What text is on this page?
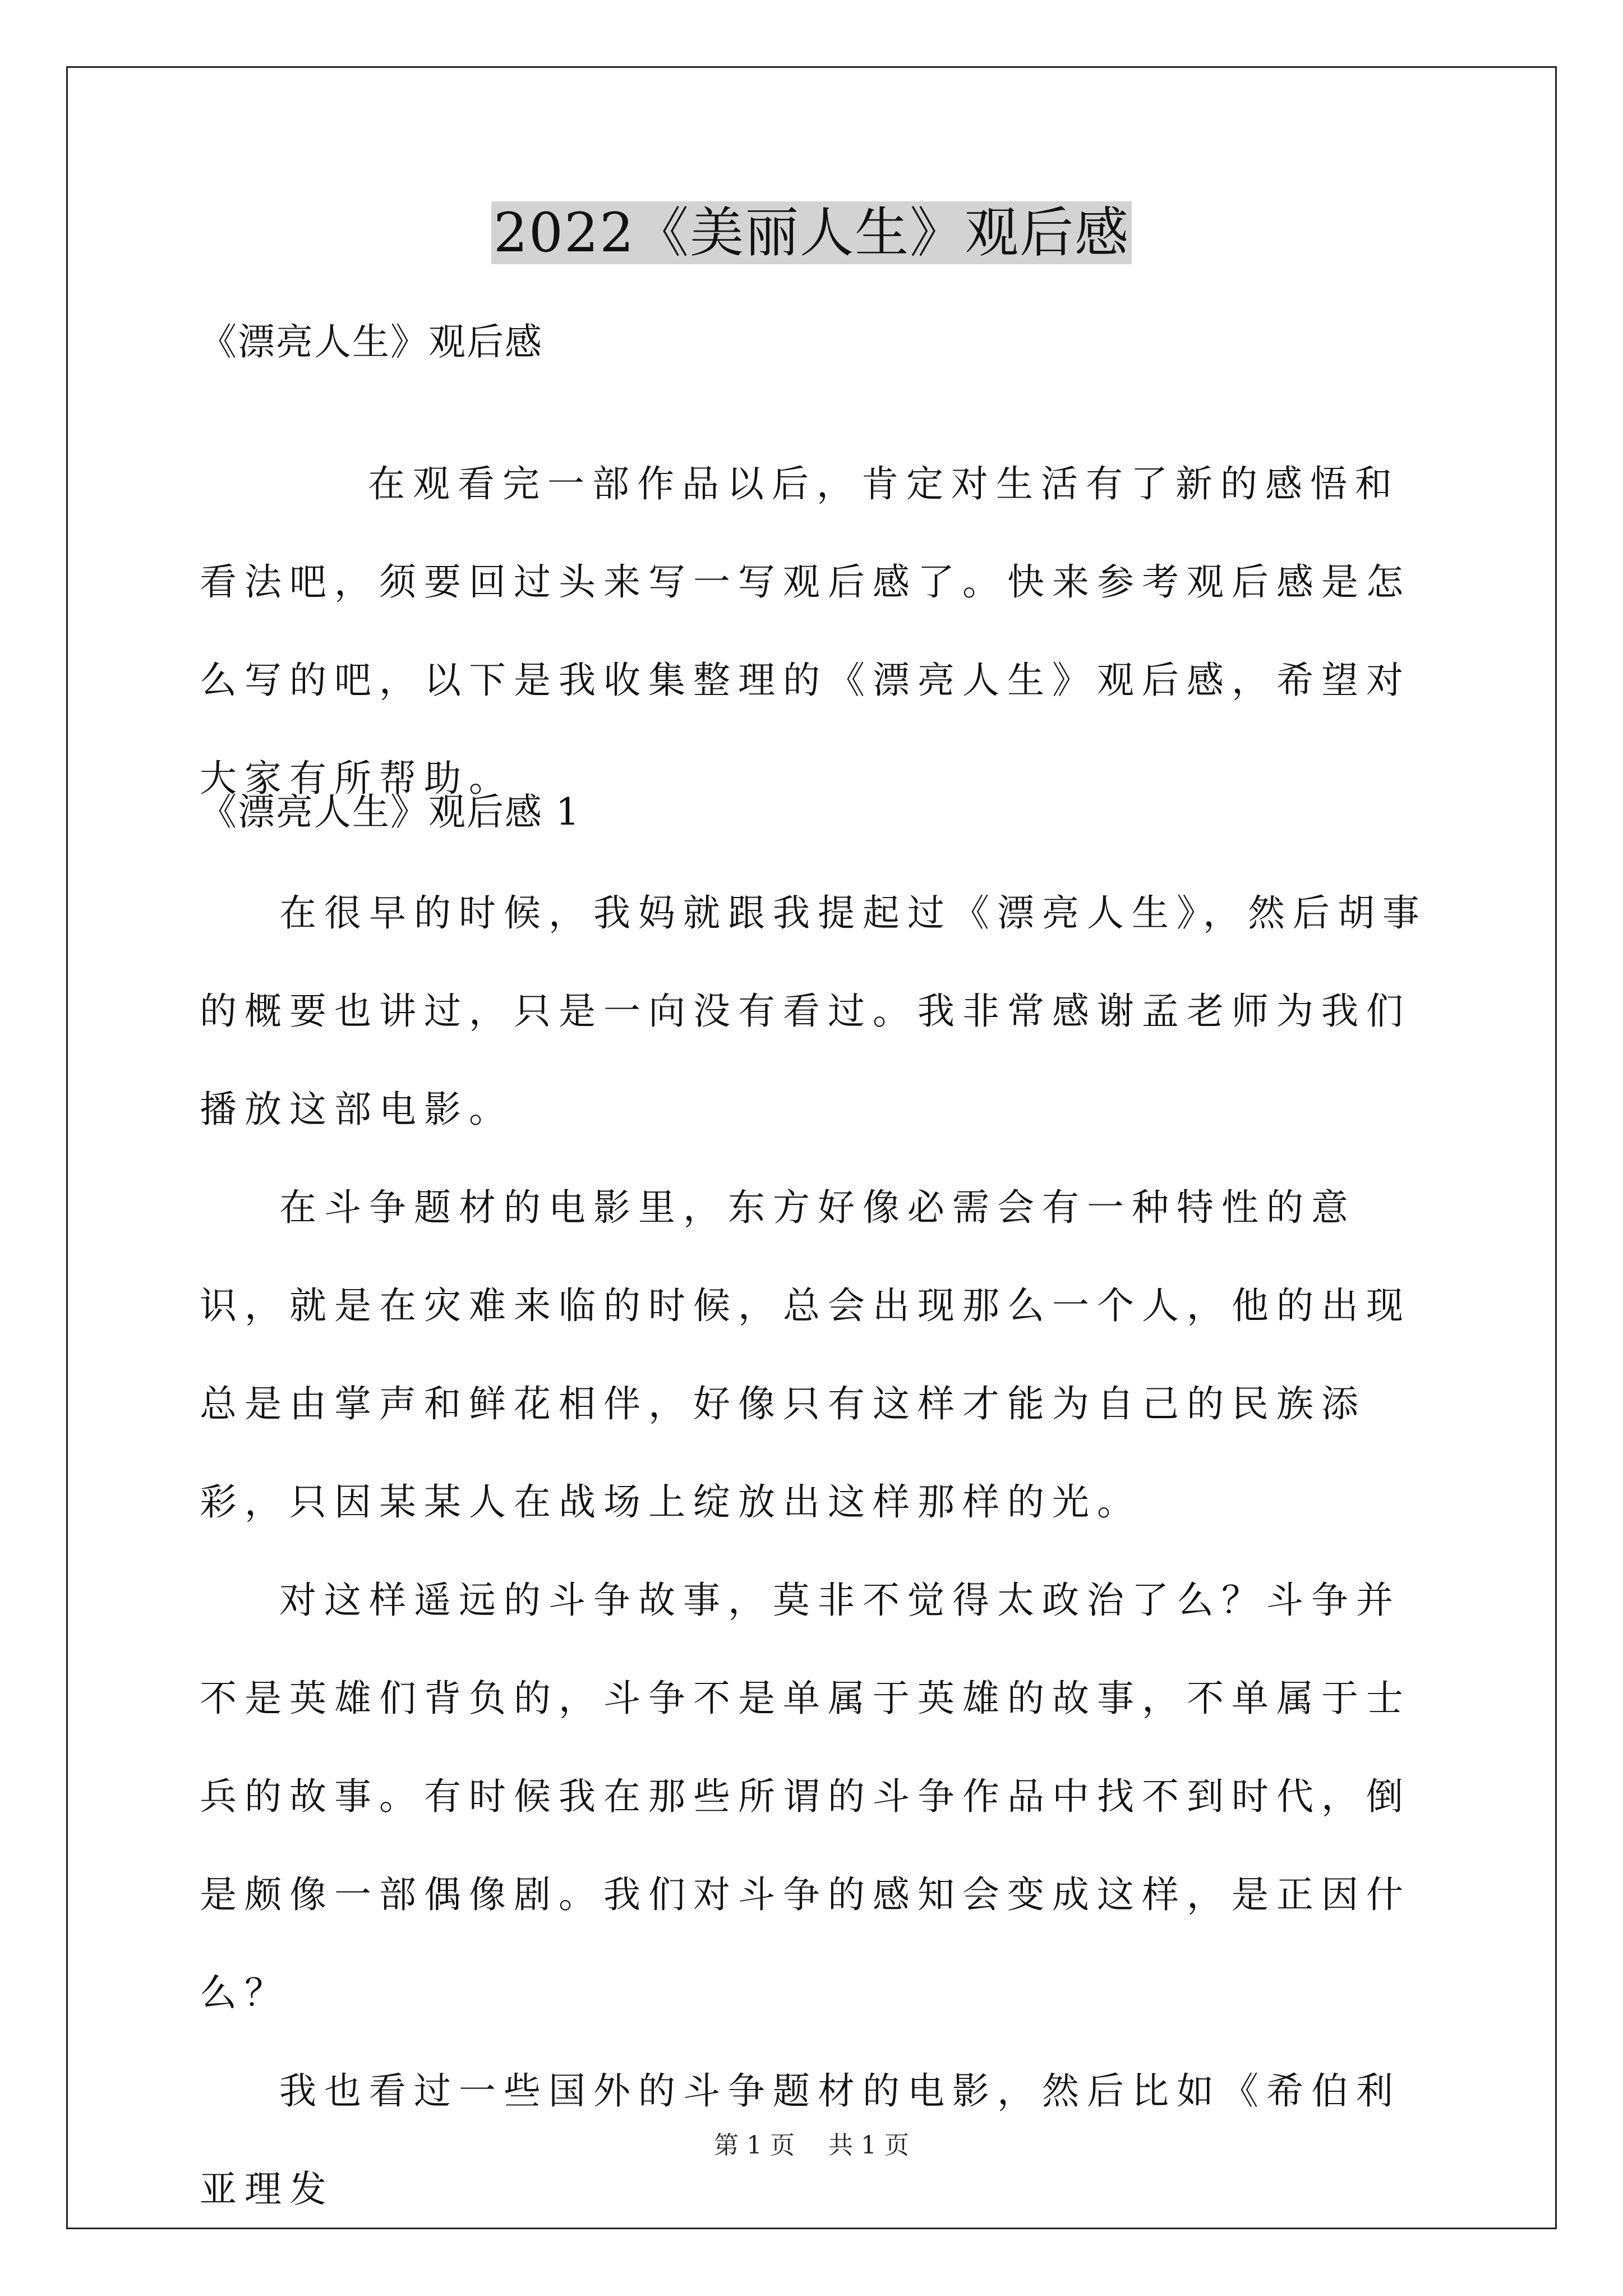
2022《美丽人生》观后感
《漂亮人生》观后感

在观看完一部作品以后，肯定对生活有了新的感悟和看法吧，须要回过头来写一写观后感了。快来参考观后感是怎么写的吧，以下是我收集整理的《漂亮人生》观后感，希望对大家有所帮助。

《漂亮人生》观后感 1

在很早的时候，我妈就跟我提起过《漂亮人生》，然后胡事的概要也讲过，只是一向没有看过。我非常感谢孟老师为我们播放这部电影。

在斗争题材的电影里，东方好像必需会有一种特性的意识，就是在灾难来临的时候，总会出现那么一个人，他的出现总是由掌声和鲜花相伴，好像只有这样才能为自己的民族添彩，只因某某人在战场上绽放出这样那样的光。

对这样遥远的斗争故事，莫非不觉得太政治了么？斗争并不是英雄们背负的，斗争不是单属于英雄的故事，不单属于士兵的故事。有时候我在那些所谓的斗争作品中找不到时代，倒是颇像一部偶像剧。我们对斗争的感知会变成这样，是正因什么？

我也看过一些国外的斗争题材的电影，然后比如《希伯利亚理发

第 1 页 共 1 页
